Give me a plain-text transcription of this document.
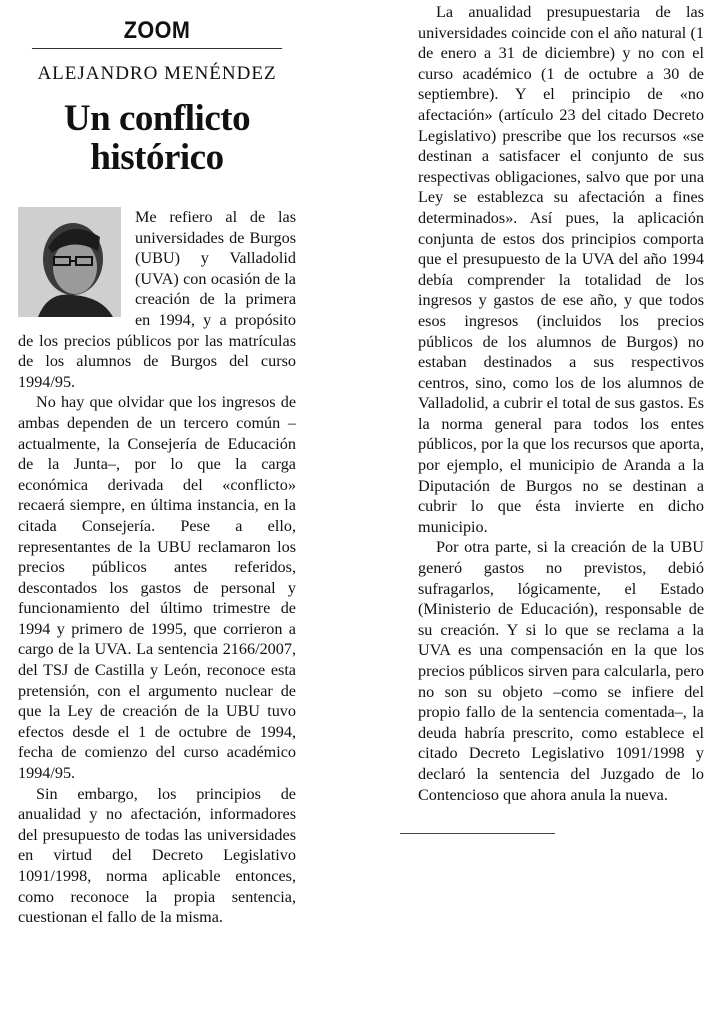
ZOOM
ALEJANDRO MENÉNDEZ
Un conflicto
histórico

Me refiero al de las universidades de Burgos (UBU) y Valladolid (UVA) con ocasión de la creación de la primera en 1994, y a propósito de los precios públicos por las matrículas de los alumnos de Burgos del curso 1994/95.

No hay que olvidar que los ingresos de ambas dependen de un tercero común –actualmente, la Consejería de Educación de la Junta–, por lo que la carga económica derivada del «conflicto» recaerá siempre, en última instancia, en la citada Consejería. Pese a ello, representantes de la UBU reclamaron los precios públicos antes referidos, descontados los gastos de personal y funcionamiento del último trimestre de 1994 y primero de 1995, que corrieron a cargo de la UVA. La sentencia 2166/2007, del TSJ de Castilla y León, reconoce esta pretensión, con el argumento nuclear de que la Ley de creación de la UBU tuvo efectos desde el 1 de octubre de 1994, fecha de comienzo del curso académico 1994/95.

Sin embargo, los principios de anualidad y no afectación, informadores del presupuesto de todas las universidades en virtud del Decreto Legislativo 1091/1998, norma aplicable entonces, como reconoce la propia sentencia, cuestionan el fallo de la misma.

La anualidad presupuestaria de las universidades coincide con el año natural (1 de enero a 31 de diciembre) y no con el curso académico (1 de octubre a 30 de septiembre). Y el principio de «no afectación» (artículo 23 del citado Decreto Legislativo) prescribe que los recursos «se destinan a satisfacer el conjunto de sus respectivas obligaciones, salvo que por una Ley se establezca su afectación a fines determinados». Así pues, la aplicación conjunta de estos dos principios comporta que el presupuesto de la UVA del año 1994 debía comprender la totalidad de los ingresos y gastos de ese año, y que todos esos ingresos (incluidos los precios públicos de los alumnos de Burgos) no estaban destinados a sus respectivos centros, sino, como los de los alumnos de Valladolid, a cubrir el total de sus gastos. Es la norma general para todos los entes públicos, por la que los recursos que aporta, por ejemplo, el municipio de Aranda a la Diputación de Burgos no se destinan a cubrir lo que ésta invierte en dicho municipio.

Por otra parte, si la creación de la UBU generó gastos no previstos, debió sufragarlos, lógicamente, el Estado (Ministerio de Educación), responsable de su creación. Y si lo que se reclama a la UVA es una compensación en la que los precios públicos sirven para calcularla, pero no son su objeto –como se infiere del propio fallo de la sentencia comentada–, la deuda habría prescrito, como establece el citado Decreto Legislativo 1091/1998 y declaró la sentencia del Juzgado de lo Contencioso que ahora anula la nueva.
